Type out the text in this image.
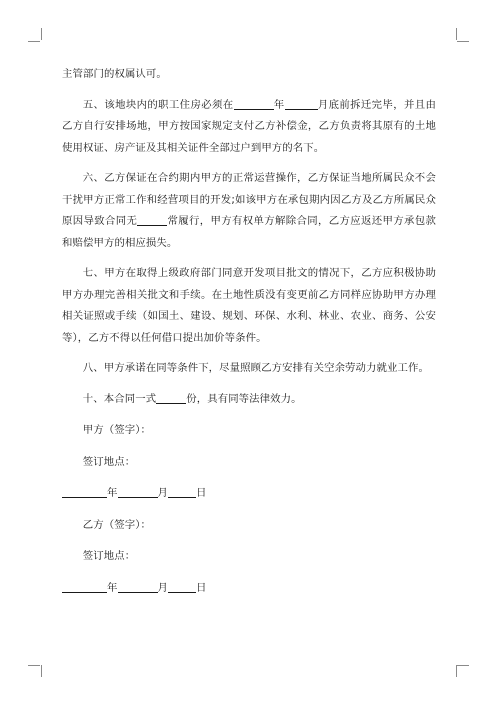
主管部门的权属认可。

五、该地块内的职工住房必须在	年	月底前拆迁完毕，并且由乙方自行安排场地，甲方按国家规定支付乙方补偿金，乙方负责将其原有的土地使用权证、房产证及其相关证件全部过户到甲方的名下。

六、乙方保证在合约期内甲方的正常运营操作，乙方保证当地所属民众不会干扰甲方正常工作和经营项目的开发;如该甲方在承包期内因乙方及乙方所属民众原因导致合同无	常履行，甲方有权单方解除合同，乙方应返还甲方承包款和赔偿甲方的相应损失。

七、甲方在取得上级政府部门同意开发项目批文的情况下，乙方应积极协助甲方办理完善相关批文和手续。在土地性质没有变更前乙方同样应协助甲方办理相关证照或手续（如国土、建设、规划、环保、水利、林业、农业、商务、公安等），乙方不得以任何借口提出加价等条件。

八、甲方承诺在同等条件下，尽量照顾乙方安排有关空余劳动力就业工作。

十、本合同一式	份，具有同等法律效力。

甲方（签字）：

签订地点：

年	月	日

乙方（签字）：

签订地点：

年	月	日
